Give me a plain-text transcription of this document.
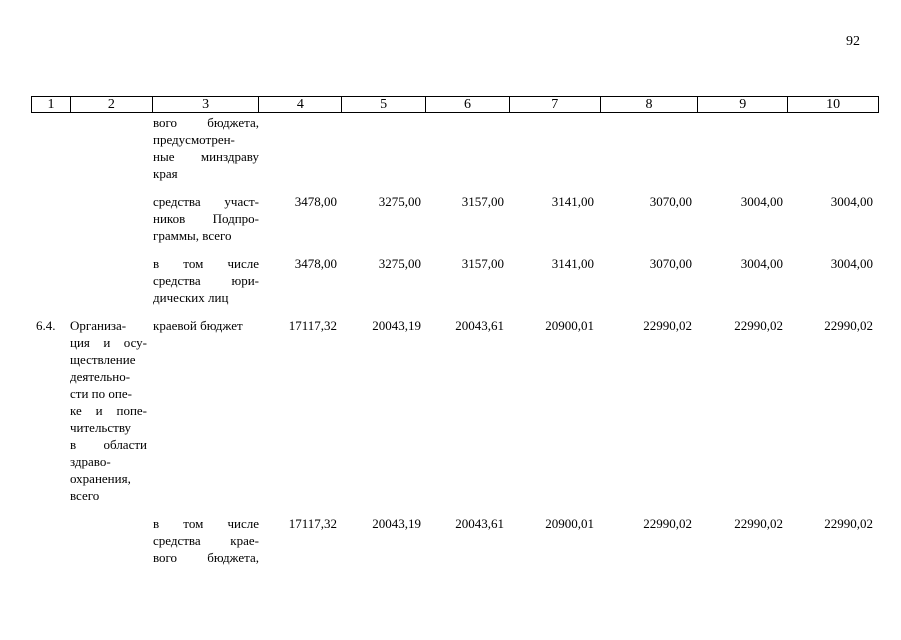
92
1	2	3	4	5	6	7	8	9	10
вого бюджета,
предусмотрен-
ные минздраву
края
средства участ-
ников Подпро-
граммы, всего
3478,00	3275,00	3157,00	3141,00	3070,00	3004,00	3004,00
в том числе
средства юри-
дических лиц
3478,00	3275,00	3157,00	3141,00	3070,00	3004,00	3004,00
6.4. Организа-
ция и осу-
ществление
деятельно-
сти по опе-
ке и попе-
чительству
в области
здраво-
охранения,
всего
краевой бюджет	17117,32	20043,19	20043,61	20900,01	22990,02	22990,02	22990,02
в том числе
средства крае-
вого бюджета,
17117,32	20043,19	20043,61	20900,01	22990,02	22990,02	22990,02
